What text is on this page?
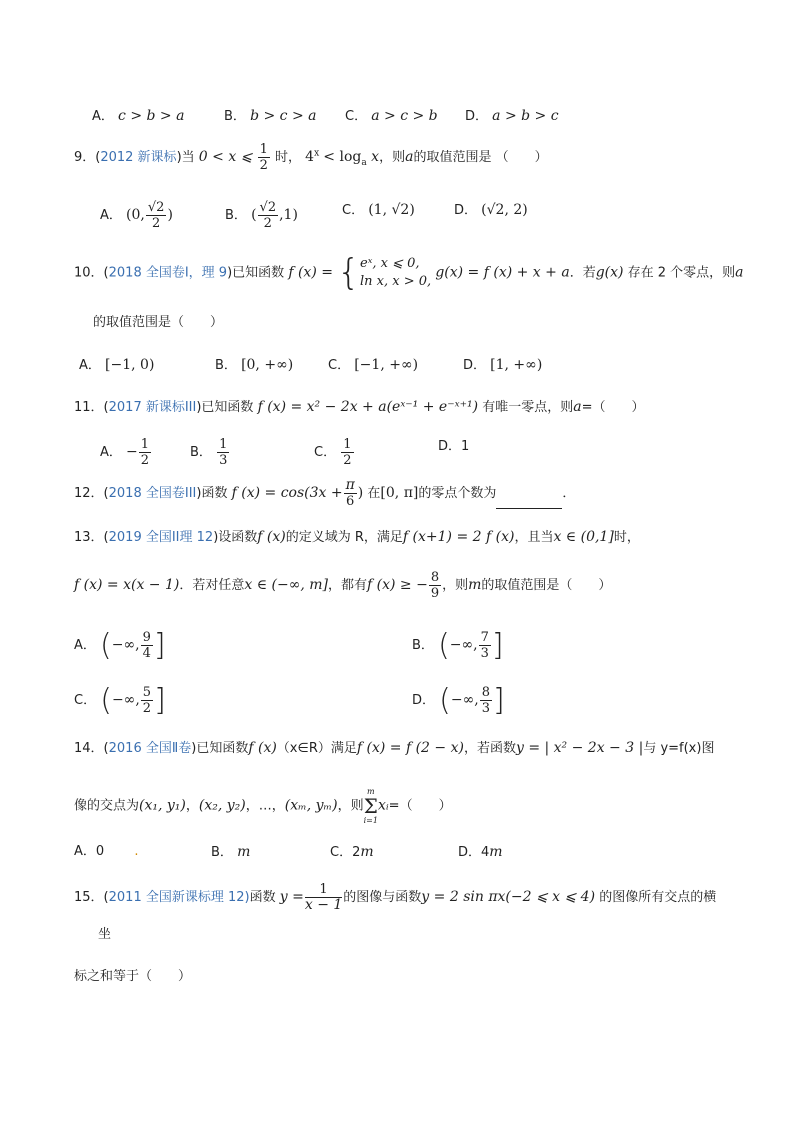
A． c > b > a	B． b > c > a C． a > c > b D． a > b > c
9．(2012 新课标)当 0 < x ⩽ $\frac{1}{2}$ 时， $4^x < \log_a x$，则a的取值范围是 （　　）
A． (0, $\frac{√2}{2}$ )	B． ( $\frac{√2}{2} ,1$)	C． (1, √2)	D． (√2, 2)
10．(2018 全国卷I，理 9)已知函数 f (x) = { eˣ, x ⩽ 0,
ln x, x > 0,
g(x) = f (x) + x + a．若g(x) 存在 2 个零点，则a
的取值范围是（　　）
A． [−1, 0)	B． [0, +∞)	C． [−1, +∞)	D． [1, +∞)
11．(2017 新课标III)已知函数 f (x) = x² − 2x + a(eˣ⁻¹ + e⁻ˣ⁺¹) 有唯一零点，则a=（　　）
A． − $\frac{1}{2}$	B． $\frac{1}{3}$	C． $\frac{1}{2}$	D．1
12．(2018 全国卷III)函数 f $(x) = \cos(3x + \frac{\pi}{6}$ ) 在[0, π]的零点个数为	．
13．(2019 全国II理 12)设函数f (x)的定义域为 R，满足f (x+1) = 2 f (x)，且当x ∈ (0,1]时，
f (x) = x(x − 1)．若对任意x ∈ (−∞, m]，都有f (x) ≥ − $\frac{8}{9}$ ，则m的取值范围是（　　）
A． (−∞, $\frac{9}{4}$ ]	B． (−∞, $\frac{7}{3}$ ]
C． (−∞, $\frac{5}{2}$ ]	D． (−∞, $\frac{8}{3}$ ]
14．(2016 全国Ⅱ卷)已知函数f (x)（x∈R）满足f (x) = f (2 − x)，若函数y = | x² − 2x − 3 |与 y=f(x)图
像的交点为(x₁, y₁)，(x₂, y₂)，…，(xₘ, yₘ)，则
m
Σ
i=1
xᵢ=（　　）
A．0 .	B． m	C．2m	D．4m
15．(2011 全国新课标理 12)函数 $y = \frac{1}{x - 1}$ 的图像与函数y = 2 sin πx(−2 ⩽ x ⩽ 4) 的图像所有交点的横
坐
标之和等于（　　）
